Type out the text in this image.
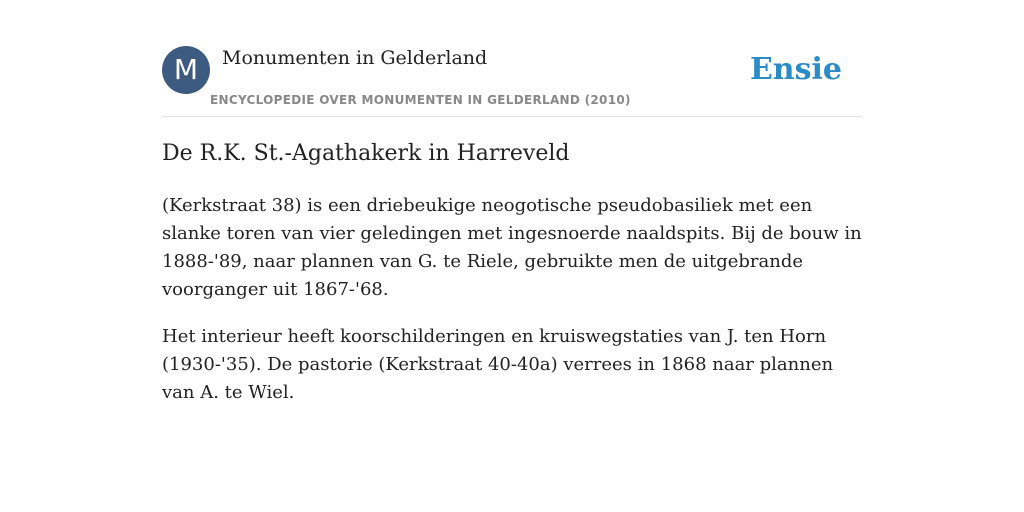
M	Monumenten in Gelderland
ENCYCLOPEDIE OVER MONUMENTEN IN GELDERLAND (2010)
Ensie
De R.K. St.-Agathakerk in Harreveld

(Kerkstraat 38) is een driebeukige neogotische pseudobasiliek met een slanke toren van vier geledingen met ingesnoerde naaldspits. Bij de bouw in 1888-'89, naar plannen van G. te Riele, gebruikte men de uitgebrande voorganger uit 1867-'68.

Het interieur heeft koorschilderingen en kruiswegstaties van J. ten Horn (1930-'35). De pastorie (Kerkstraat 40-40a) verrees in 1868 naar plannen van A. te Wiel.
